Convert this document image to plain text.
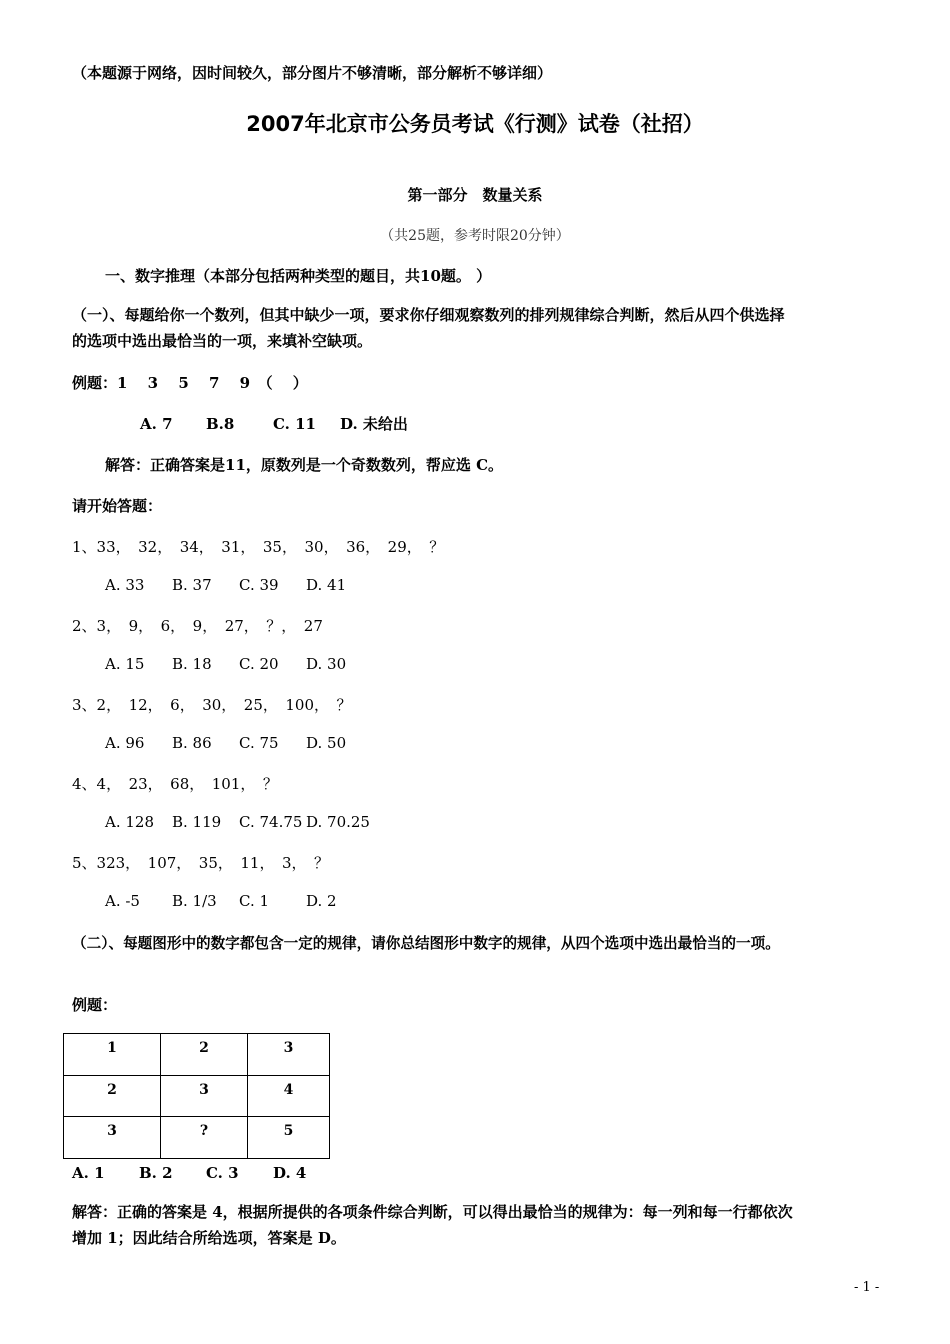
（本题源于网络，因时间较久，部分图片不够清晰，部分解析不够详细）
2007年北京市公务员考试《行测》试卷（社招）
第一部分　数量关系
（共25题，参考时限20分钟）
一、数字推理（本部分包括两种类型的题目，共10题。 ）
（一）、每题给你一个数列，但其中缺少一项，要求你仔细观察数列的排列规律综合判断，然后从四个供选择
的选项中选出最恰当的一项，来填补空缺项。
例题：1　 3　 5　 7　 9　（　 ）
A. 7 B.8	C. 11 D. 未给出
解答：正确答案是11，原数列是一个奇数数列，帮应选 C。
请开始答题：
1、33，　32，　34，　31，　35，　30，　36，　29，　？
A. 33 B. 37 C. 39 D. 41
2、3，　9，　6，　9，　27，　？，　27
A. 15 B. 18 C. 20 D. 30
3、2，　12，　6，　30，　25，　100，　？
A. 96 B. 86 C. 75 D. 50
4、4，　23，　68，　101，　？
A. 128 B. 119 C. 74.75 D. 70.25
5、323，　107，　35，　11，　3，　？
A. -5 B. 1/3 C. 1 D. 2
（二）、每题图形中的数字都包含一定的规律，请你总结图形中数字的规律，从四个选项中选出最恰当的一项。
例题：
1	2	3
2	3	4
3	?	5
A. 1 B. 2 C. 3 D. 4
解答：正确的答案是 4，根据所提供的各项条件综合判断，可以得出最恰当的规律为：每一列和每一行都依次
增加 1；因此结合所给选项，答案是 D。
- 1 -
